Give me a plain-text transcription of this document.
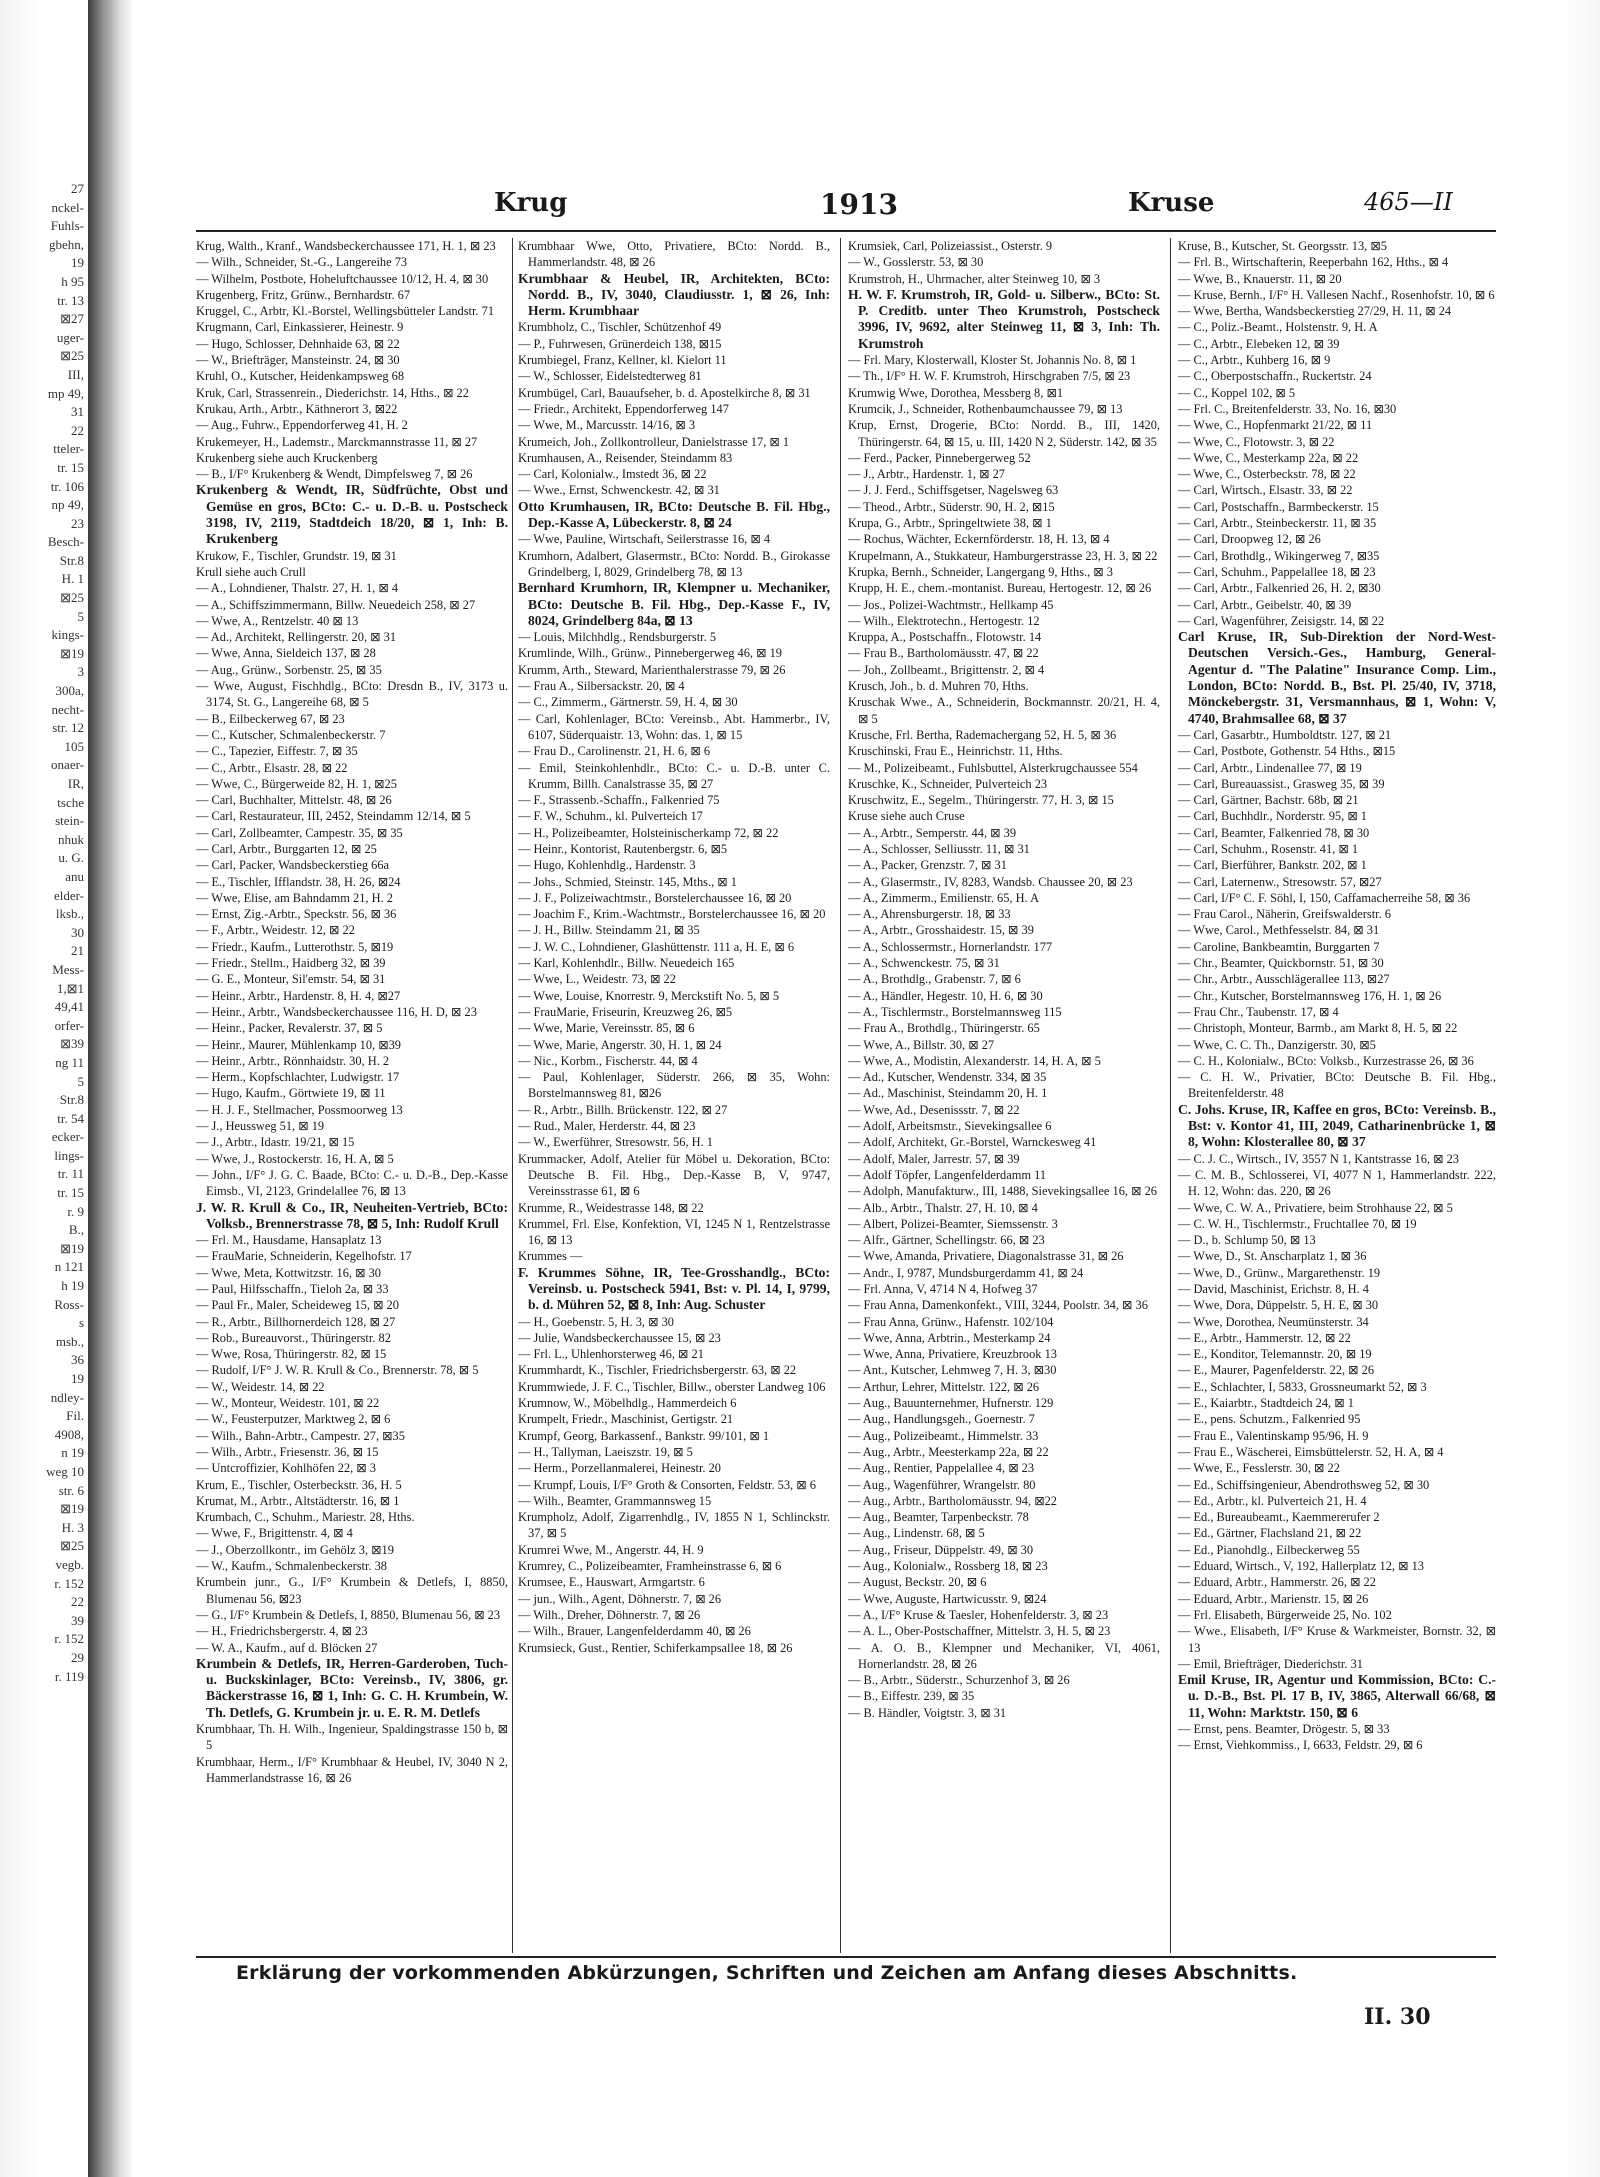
27
nckel-
Fuhls-
gbehn,
19
h 95
tr. 13
⊠27
uger-
⊠25
III,
mp 49,
31
22
tteler-
tr. 15
tr. 106
np 49,
23
Besch-
Str.8
H. 1
⊠25
5
kings-
⊠19
3
300a,
necht-
str. 12
105
onaer-
IR,
tsche
stein-
nhuk
u. G.
anu
elder-
lksb.,
30
21
Mess-
1,⊠1
49,41
orfer-
⊠39
ng 11
5
Str.8
tr. 54
ecker-
lings-
tr. 11
tr. 15
r. 9
B.,
⊠19
n 121
h 19
Ross-
s
msb.,
36
19
ndley-
Fil.
4908,
n 19
weg 10
str. 6
⊠19
H. 3
⊠25
vegb.
r. 152
22
39
r. 152
29
r. 119
Krug	1913	Kruse	465—II

Krug, Walth., Kranf., Wandsbeckerchaussee 171, H. 1, ⊠ 23

— Wilh., Schneider, St.-G., Langereihe 73

— Wilhelm, Postbote, Hoheluftchaussee 10/12, H. 4, ⊠ 30

Krugenberg, Fritz, Grünw., Bernhardstr. 67

Kruggel, C., Arbtr, Kl.-Borstel, Wellingsbütteler Landstr. 71

Krugmann, Carl, Einkassierer, Heinestr. 9

— Hugo, Schlosser, Dehnhaide 63, ⊠ 22

— W., Briefträger, Mansteinstr. 24, ⊠ 30

Kruhl, O., Kutscher, Heidenkampsweg 68

Kruk, Carl, Strassenrein., Diederichstr. 14, Hths., ⊠ 22

Krukau, Arth., Arbtr., Käthnerort 3, ⊠22

— Aug., Fuhrw., Eppendorferweg 41, H. 2

Krukemeyer, H., Lademstr., Marckmannstrasse 11, ⊠ 27

Krukenberg siehe auch Kruckenberg

— B., I/F° Krukenberg & Wendt, Dimpfelsweg 7, ⊠ 26

Krukenberg & Wendt, IR, Südfrüchte, Obst und Gemüse en gros, BCto: C.- u. D.-B. u. Postscheck 3198, IV, 2119, Stadtdeich 18/20, ⊠ 1, Inh: B. Krukenberg

Krukow, F., Tischler, Grundstr. 19, ⊠ 31

Krull siehe auch Crull

— A., Lohndiener, Thalstr. 27, H. 1, ⊠ 4

— A., Schiffszimmermann, Billw. Neuedeich 258, ⊠ 27

— Wwe, A., Rentzelstr. 40 ⊠ 13

— Ad., Architekt, Rellingerstr. 20, ⊠ 31

— Wwe, Anna, Sieldeich 137, ⊠ 28

— Aug., Grünw., Sorbenstr. 25, ⊠ 35

— Wwe, August, Fischhdlg., BCto: Dresdn B., IV, 3173 u. 3174, St. G., Langereihe 68, ⊠ 5

— B., Eilbeckerweg 67, ⊠ 23

— C., Kutscher, Schmalenbeckerstr. 7

— C., Tapezier, Eiffestr. 7, ⊠ 35

— C., Arbtr., Elsastr. 28, ⊠ 22

— Wwe, C., Bürgerweide 82, H. 1, ⊠25

— Carl, Buchhalter, Mittelstr. 48, ⊠ 26

— Carl, Restaurateur, III, 2452, Steindamm 12/14, ⊠ 5

— Carl, Zollbeamter, Campestr. 35, ⊠ 35

— Carl, Arbtr., Burggarten 12, ⊠ 25

— Carl, Packer, Wandsbeckerstieg 66a

— E., Tischler, Ifflandstr. 38, H. 26, ⊠24

— Wwe, Elise, am Bahndamm 21, H. 2

— Ernst, Zig.-Arbtr., Speckstr. 56, ⊠ 36

— F., Arbtr., Weidestr. 12, ⊠ 22

— Friedr., Kaufm., Lutterothstr. 5, ⊠19

— Friedr., Stellm., Haidberg 32, ⊠ 39

— G. E., Monteur, Sil'emstr. 54, ⊠ 31

— Heinr., Arbtr., Hardenstr. 8, H. 4, ⊠27

— Heinr., Arbtr., Wandsbeckerchaussee 116, H. D, ⊠ 23

— Heinr., Packer, Revalerstr. 37, ⊠ 5

— Heinr., Maurer, Mühlenkamp 10, ⊠39

— Heinr., Arbtr., Rönnhaidstr. 30, H. 2

— Herm., Kopfschlachter, Ludwigstr. 17

— Hugo, Kaufm., Görtwiete 19, ⊠ 11

— H. J. F., Stellmacher, Possmoorweg 13

— J., Heussweg 51, ⊠ 19

— J., Arbtr., Idastr. 19/21, ⊠ 15

— Wwe, J., Rostockerstr. 16, H. A, ⊠ 5

— John., I/F° J. G. C. Baade, BCto: C.- u. D.-B., Dep.-Kasse Eimsb., VI, 2123, Grindelallee 76, ⊠ 13

J. W. R. Krull & Co., IR, Neuheiten-Vertrieb, BCto: Volksb., Brennerstrasse 78, ⊠ 5, Inh: Rudolf Krull

— Frl. M., Hausdame, Hansaplatz 13

— FrauMarie, Schneiderin, Kegelhofstr. 17

— Wwe, Meta, Kottwitzstr. 16, ⊠ 30

— Paul, Hilfsschaffn., Tieloh 2a, ⊠ 33

— Paul Fr., Maler, Scheideweg 15, ⊠ 20

— R., Arbtr., Billhornerdeich 128, ⊠ 27

— Rob., Bureauvorst., Thüringerstr. 82

— Wwe, Rosa, Thüringerstr. 82, ⊠ 15

— Rudolf, I/F° J. W. R. Krull & Co., Brennerstr. 78, ⊠ 5

— W., Weidestr. 14, ⊠ 22

— W., Monteur, Weidestr. 101, ⊠ 22

— W., Feusterputzer, Marktweg 2, ⊠ 6

— Wilh., Bahn-Arbtr., Campestr. 27, ⊠35

— Wilh., Arbtr., Friesenstr. 36, ⊠ 15

— Untcroffizier, Kohlhöfen 22, ⊠ 3

Krum, E., Tischler, Osterbeckstr. 36, H. 5

Krumat, M., Arbtr., Altstädterstr. 16, ⊠ 1

Krumbach, C., Schuhm., Mariestr. 28, Hths.

— Wwe, F., Brigittenstr. 4, ⊠ 4

— J., Oberzollkontr., im Gehölz 3, ⊠19

— W., Kaufm., Schmalenbeckerstr. 38

Krumbein junr., G., I/F° Krumbein & Detlefs, I, 8850, Blumenau 56, ⊠23

— G., I/F° Krumbein & Detlefs, I, 8850, Blumenau 56, ⊠ 23

— H., Friedrichsbergerstr. 4, ⊠ 23

— W. A., Kaufm., auf d. Blöcken 27

Krumbein & Detlefs, IR, Herren-Garderoben, Tuch- u. Buckskinlager, BCto: Vereinsb., IV, 3806, gr. Bäckerstrasse 16, ⊠ 1, Inh: G. C. H. Krumbein, W. Th. Detlefs, G. Krumbein jr. u. E. R. M. Detlefs

Krumbhaar, Th. H. Wilh., Ingenieur, Spaldingstrasse 150 b, ⊠ 5

Krumbhaar, Herm., I/F° Krumbhaar & Heubel, IV, 3040 N 2, Hammerlandstrasse 16, ⊠ 26

Krumbhaar Wwe, Otto, Privatiere, BCto: Nordd. B., Hammerlandstr. 48, ⊠ 26

Krumbhaar & Heubel, IR, Architekten, BCto: Nordd. B., IV, 3040, Claudiusstr. 1, ⊠ 26, Inh: Herm. Krumbhaar

Krumbholz, C., Tischler, Schützenhof 49

— P., Fuhrwesen, Grünerdeich 138, ⊠15

Krumbiegel, Franz, Kellner, kl. Kielort 11

— W., Schlosser, Eidelstedterweg 81

Krumbügel, Carl, Bauaufseher, b. d. Apostelkirche 8, ⊠ 31

— Friedr., Architekt, Eppendorferweg 147

— Wwe, M., Marcusstr. 14/16, ⊠ 3

Krumeich, Joh., Zollkontrolleur, Danielstrasse 17, ⊠ 1

Krumhausen, A., Reisender, Steindamm 83

— Carl, Kolonialw., Imstedt 36, ⊠ 22

— Wwe., Ernst, Schwenckestr. 42, ⊠ 31

Otto Krumhausen, IR, BCto: Deutsche B. Fil. Hbg., Dep.-Kasse A, Lübeckerstr. 8, ⊠ 24

— Wwe, Pauline, Wirtschaft, Seilerstrasse 16, ⊠ 4

Krumhorn, Adalbert, Glasermstr., BCto: Nordd. B., Girokasse Grindelberg, I, 8029, Grindelberg 78, ⊠ 13

Bernhard Krumhorn, IR, Klempner u. Mechaniker, BCto: Deutsche B. Fil. Hbg., Dep.-Kasse F., IV, 8024, Grindelberg 84a, ⊠ 13

— Louis, Milchhdlg., Rendsburgerstr. 5

Krumlinde, Wilh., Grünw., Pinnebergerweg 46, ⊠ 19

Krumm, Arth., Steward, Marienthalerstrasse 79, ⊠ 26

— Frau A., Silbersackstr. 20, ⊠ 4

— C., Zimmerm., Gärtnerstr. 59, H. 4, ⊠ 30

— Carl, Kohlenlager, BCto: Vereinsb., Abt. Hammerbr., IV, 6107, Süderquaistr. 13, Wohn: das. 1, ⊠ 15

— Frau D., Carolinenstr. 21, H. 6, ⊠ 6

— Emil, Steinkohlenhdlr., BCto: C.- u. D.-B. unter C. Krumm, Billh. Canalstrasse 35, ⊠ 27

— F., Strassenb.-Schaffn., Falkenried 75

— F. W., Schuhm., kl. Pulverteich 17

— H., Polizeibeamter, Holsteinischerkamp 72, ⊠ 22

— Heinr., Kontorist, Rautenbergstr. 6, ⊠5

— Hugo, Kohlenhdlg., Hardenstr. 3

— Johs., Schmied, Steinstr. 145, Mths., ⊠ 1

— J. F., Polizeiwachtmstr., Borstelerchaussee 16, ⊠ 20

— Joachim F., Krim.-Wachtmstr., Borstelerchaussee 16, ⊠ 20

— J. H., Billw. Steindamm 21, ⊠ 35

— J. W. C., Lohndiener, Glashüttenstr. 111 a, H. E, ⊠ 6

— Karl, Kohlenhdlr., Billw. Neuedeich 165

— Wwe, L., Weidestr. 73, ⊠ 22

— Wwe, Louise, Knorrestr. 9, Merckstift No. 5, ⊠ 5

— FrauMarie, Friseurin, Kreuzweg 26, ⊠5

— Wwe, Marie, Vereinsstr. 85, ⊠ 6

— Wwe, Marie, Angerstr. 30, H. 1, ⊠ 24

— Nic., Korbm., Fischerstr. 44, ⊠ 4

— Paul, Kohlenlager, Süderstr. 266, ⊠ 35, Wohn: Borstelmannsweg 81, ⊠26

— R., Arbtr., Billh. Brückenstr. 122, ⊠ 27

— Rud., Maler, Herderstr. 44, ⊠ 23

— W., Ewerführer, Stresowstr. 56, H. 1

Krummacker, Adolf, Atelier für Möbel u. Dekoration, BCto: Deutsche B. Fil. Hbg., Dep.-Kasse B, V, 9747, Vereinsstrasse 61, ⊠ 6

Krumme, R., Weidestrasse 148, ⊠ 22

Krummel, Frl. Else, Konfektion, VI, 1245 N 1, Rentzelstrasse 16, ⊠ 13

Krummes —

F. Krummes Söhne, IR, Tee-Grosshandlg., BCto: Vereinsb. u. Postscheck 5941, Bst: v. Pl. 14, I, 9799, b. d. Mühren 52, ⊠ 8, Inh: Aug. Schuster

— H., Goebenstr. 5, H. 3, ⊠ 30

— Julie, Wandsbeckerchaussee 15, ⊠ 23

— Frl. L., Uhlenhorsterweg 46, ⊠ 21

Krummhardt, K., Tischler, Friedrichsbergerstr. 63, ⊠ 22

Krummwiede, J. F. C., Tischler, Billw., oberster Landweg 106

Krumnow, W., Möbelhdlg., Hammerdeich 6

Krumpelt, Friedr., Maschinist, Gertigstr. 21

Krumpf, Georg, Barkassenf., Bankstr. 99/101, ⊠ 1

— H., Tallyman, Laeiszstr. 19, ⊠ 5

— Herm., Porzellanmalerei, Heinestr. 20

— Krumpf, Louis, I/F° Groth & Consorten, Feldstr. 53, ⊠ 6

— Wilh., Beamter, Grammannsweg 15

Krumpholz, Adolf, Zigarrenhdlg., IV, 1855 N 1, Schlinckstr. 37, ⊠ 5

Krumrei Wwe, M., Angerstr. 44, H. 9

Krumrey, C., Polizeibeamter, Framheinstrasse 6, ⊠ 6

Krumsee, E., Hauswart, Armgartstr. 6

— jun., Wilh., Agent, Döhnerstr. 7, ⊠ 26

— Wilh., Dreher, Döhnerstr. 7, ⊠ 26

— Wilh., Brauer, Langenfelderdamm 40, ⊠ 26

Krumsieck, Gust., Rentier, Schiferkampsallee 18, ⊠ 26

Krumsiek, Carl, Polizeiassist., Osterstr. 9

— W., Gosslerstr. 53, ⊠ 30

Krumstroh, H., Uhrmacher, alter Steinweg 10, ⊠ 3

H. W. F. Krumstroh, IR, Gold- u. Silberw., BCto: St. P. Creditb. unter Theo Krumstroh, Postscheck 3996, IV, 9692, alter Steinweg 11, ⊠ 3, Inh: Th. Krumstroh

— Frl. Mary, Klosterwall, Kloster St. Johannis No. 8, ⊠ 1

— Th., I/F° H. W. F. Krumstroh, Hirschgraben 7/5, ⊠ 23

Krumwig Wwe, Dorothea, Messberg 8, ⊠1

Krumcik, J., Schneider, Rothenbaumchaussee 79, ⊠ 13

Krup, Ernst, Drogerie, BCto: Nordd. B., III, 1420, Thüringerstr. 64, ⊠ 15, u. III, 1420 N 2, Süderstr. 142, ⊠ 35

— Ferd., Packer, Pinnebergerweg 52

— J., Arbtr., Hardenstr. 1, ⊠ 27

— J. J. Ferd., Schiffsgetser, Nagelsweg 63

— Theod., Arbtr., Süderstr. 90, H. 2, ⊠15

Krupa, G., Arbtr., Springeltwiete 38, ⊠ 1

— Rochus, Wächter, Eckernförderstr. 18, H. 13, ⊠ 4

Krupelmann, A., Stukkateur, Hamburgerstrasse 23, H. 3, ⊠ 22

Krupka, Bernh., Schneider, Langergang 9, Hths., ⊠ 3

Krupp, H. E., chem.-montanist. Bureau, Hertogestr. 12, ⊠ 26

— Jos., Polizei-Wachtmstr., Hellkamp 45

— Wilh., Elektrotechn., Hertogestr. 12

Kruppa, A., Postschaffn., Flotowstr. 14

— Frau B., Bartholomäusstr. 47, ⊠ 22

— Joh., Zollbeamt., Brigittenstr. 2, ⊠ 4

Krusch, Joh., b. d. Muhren 70, Hths.

Kruschak Wwe., A., Schneiderin, Bockmannstr. 20/21, H. 4, ⊠ 5

Krusche, Frl. Bertha, Rademachergang 52, H. 5, ⊠ 36

Kruschinski, Frau E., Heinrichstr. 11, Hths.

— M., Polizeibeamt., Fuhlsbuttel, Alsterkrugchaussee 554

Kruschke, K., Schneider, Pulverteich 23

Kruschwitz, E., Segelm., Thüringerstr. 77, H. 3, ⊠ 15

Kruse siehe auch Cruse

— A., Arbtr., Semperstr. 44, ⊠ 39

— A., Schlosser, Selliusstr. 11, ⊠ 31

— A., Packer, Grenzstr. 7, ⊠ 31

— A., Glasermstr., IV, 8283, Wandsb. Chaussee 20, ⊠ 23

— A., Zimmerm., Emilienstr. 65, H. A

— A., Ahrensburgerstr. 18, ⊠ 33

— A., Arbtr., Grosshaidestr. 15, ⊠ 39

— A., Schlossermstr., Hornerlandstr. 177

— A., Schwenckestr. 75, ⊠ 31

— A., Brothdlg., Grabenstr. 7, ⊠ 6

— A., Händler, Hegestr. 10, H. 6, ⊠ 30

— A., Tischlermstr., Borstelmannsweg 115

— Frau A., Brothdlg., Thüringerstr. 65

— Wwe, A., Billstr. 30, ⊠ 27

— Wwe, A., Modistin, Alexanderstr. 14, H. A, ⊠ 5

— Ad., Kutscher, Wendenstr. 334, ⊠ 35

— Ad., Maschinist, Steindamm 20, H. 1

— Wwe, Ad., Desenissstr. 7, ⊠ 22

— Adolf, Arbeitsmstr., Sievekingsallee 6

— Adolf, Architekt, Gr.-Borstel, Warnckesweg 41

— Adolf, Maler, Jarrestr. 57, ⊠ 39

— Adolf Töpfer, Langenfelderdamm 11

— Adolph, Manufakturw., III, 1488, Sievekingsallee 16, ⊠ 26

— Alb., Arbtr., Thalstr. 27, H. 10, ⊠ 4

— Albert, Polizei-Beamter, Siemssenstr. 3

— Alfr., Gärtner, Schellingstr. 66, ⊠ 23

— Wwe, Amanda, Privatiere, Diagonalstrasse 31, ⊠ 26

— Andr., I, 9787, Mundsburgerdamm 41, ⊠ 24

— Frl. Anna, V, 4714 N 4, Hofweg 37

— Frau Anna, Damenkonfekt., VIII, 3244, Poolstr. 34, ⊠ 36

— Frau Anna, Grünw., Hafenstr. 102/104

— Wwe, Anna, Arbtrin., Mesterkamp 24

— Wwe, Anna, Privatiere, Kreuzbrook 13

— Ant., Kutscher, Lehmweg 7, H. 3, ⊠30

— Arthur, Lehrer, Mittelstr. 122, ⊠ 26

— Aug., Bauunternehmer, Hufnerstr. 129

— Aug., Handlungsgeh., Goernestr. 7

— Aug., Polizeibeamt., Himmelstr. 33

— Aug., Arbtr., Meesterkamp 22a, ⊠ 22

— Aug., Rentier, Pappelallee 4, ⊠ 23

— Aug., Wagenführer, Wrangelstr. 80

— Aug., Arbtr., Bartholomäusstr. 94, ⊠22

— Aug., Beamter, Tarpenbeckstr. 78

— Aug., Lindenstr. 68, ⊠ 5

— Aug., Friseur, Düppelstr. 49, ⊠ 30

— Aug., Kolonialw., Rossberg 18, ⊠ 23

— August, Beckstr. 20, ⊠ 6

— Wwe, Auguste, Hartwicusstr. 9, ⊠24

— A., I/F° Kruse & Taesler, Hohenfelderstr. 3, ⊠ 23

— A. L., Ober-Postschaffner, Mittelstr. 3, H. 5, ⊠ 23

— A. O. B., Klempner und Mechaniker, VI, 4061, Hornerlandstr. 28, ⊠ 26

— B., Arbtr., Süderstr., Schurzenhof 3, ⊠ 26

— B., Eiffestr. 239, ⊠ 35

— B. Händler, Voigtstr. 3, ⊠ 31

Kruse, B., Kutscher, St. Georgsstr. 13, ⊠5

— Frl. B., Wirtschafterin, Reeperbahn 162, Hths., ⊠ 4

— Wwe, B., Knauerstr. 11, ⊠ 20

— Kruse, Bernh., I/F° H. Vallesen Nachf., Rosenhofstr. 10, ⊠ 6

— Wwe, Bertha, Wandsbeckerstieg 27/29, H. 11, ⊠ 24

— C., Poliz.-Beamt., Holstenstr. 9, H. A

— C., Arbtr., Elebeken 12, ⊠ 39

— C., Arbtr., Kuhberg 16, ⊠ 9

— C., Oberpostschaffn., Ruckertstr. 24

— C., Koppel 102, ⊠ 5

— Frl. C., Breitenfelderstr. 33, No. 16, ⊠30

— Wwe, C., Hopfenmarkt 21/22, ⊠ 11

— Wwe, C., Flotowstr. 3, ⊠ 22

— Wwe, C., Mesterkamp 22a, ⊠ 22

— Wwe, C., Osterbeckstr. 78, ⊠ 22

— Carl, Wirtsch., Elsastr. 33, ⊠ 22

— Carl, Postschaffn., Barmbeckerstr. 15

— Carl, Arbtr., Steinbeckerstr. 11, ⊠ 35

— Carl, Droopweg 12, ⊠ 26

— Carl, Brothdlg., Wikingerweg 7, ⊠35

— Carl, Schuhm., Pappelallee 18, ⊠ 23

— Carl, Arbtr., Falkenried 26, H. 2, ⊠30

— Carl, Arbtr., Geibelstr. 40, ⊠ 39

— Carl, Wagenführer, Zeisigstr. 14, ⊠ 22

Carl Kruse, IR, Sub-Direktion der Nord-West-Deutschen Versich.-Ges., Hamburg, General-Agentur d. "The Palatine" Insurance Comp. Lim., London, BCto: Nordd. B., Bst. Pl. 25/40, IV, 3718, Mönckebergstr. 31, Versmannhaus, ⊠ 1, Wohn: V, 4740, Brahmsallee 68, ⊠ 37

— Carl, Gasarbtr., Humboldtstr. 127, ⊠ 21

— Carl, Postbote, Gothenstr. 54 Hths., ⊠15

— Carl, Arbtr., Lindenallee 77, ⊠ 19

— Carl, Bureauassist., Grasweg 35, ⊠ 39

— Carl, Gärtner, Bachstr. 68b, ⊠ 21

— Carl, Buchhdlr., Norderstr. 95, ⊠ 1

— Carl, Beamter, Falkenried 78, ⊠ 30

— Carl, Schuhm., Rosenstr. 41, ⊠ 1

— Carl, Bierführer, Bankstr. 202, ⊠ 1

— Carl, Laternenw., Stresowstr. 57, ⊠27

— Carl, I/F° C. F. Söhl, I, 150, Caffamacherreihe 58, ⊠ 36

— Frau Carol., Näherin, Greifswalderstr. 6

— Wwe, Carol., Methfesselstr. 84, ⊠ 31

— Caroline, Bankbeamtin, Burggarten 7

— Chr., Beamter, Quickbornstr. 51, ⊠ 30

— Chr., Arbtr., Ausschlägerallee 113, ⊠27

— Chr., Kutscher, Borstelmannsweg 176, H. 1, ⊠ 26

— Frau Chr., Taubenstr. 17, ⊠ 4

— Christoph, Monteur, Barmb., am Markt 8, H. 5, ⊠ 22

— Wwe, C. C. Th., Danzigerstr. 30, ⊠5

— C. H., Kolonialw., BCto: Volksb., Kurzestrasse 26, ⊠ 36

— C. H. W., Privatier, BCto: Deutsche B. Fil. Hbg., Breitenfelderstr. 48

C. Johs. Kruse, IR, Kaffee en gros, BCto: Vereinsb. B., Bst: v. Kontor 41, III, 2049, Catharinenbrücke 1, ⊠ 8, Wohn: Klosterallee 80, ⊠ 37

— C. J. C., Wirtsch., IV, 3557 N 1, Kantstrasse 16, ⊠ 23

— C. M. B., Schlosserei, VI, 4077 N 1, Hammerlandstr. 222, H. 12, Wohn: das. 220, ⊠ 26

— Wwe, C. W. A., Privatiere, beim Strohhause 22, ⊠ 5

— C. W. H., Tischlermstr., Fruchtallee 70, ⊠ 19

— D., b. Schlump 50, ⊠ 13

— Wwe, D., St. Anscharplatz 1, ⊠ 36

— Wwe, D., Grünw., Margarethenstr. 19

— David, Maschinist, Erichstr. 8, H. 4

— Wwe, Dora, Düppelstr. 5, H. E, ⊠ 30

— Wwe, Dorothea, Neumünsterstr. 34

— E., Arbtr., Hammerstr. 12, ⊠ 22

— E., Konditor, Telemannstr. 20, ⊠ 19

— E., Maurer, Pagenfelderstr. 22, ⊠ 26

— E., Schlachter, I, 5833, Grossneumarkt 52, ⊠ 3

— E., Kaiarbtr., Stadtdeich 24, ⊠ 1

— E., pens. Schutzm., Falkenried 95

— Frau E., Valentinskamp 95/96, H. 9

— Frau E., Wäscherei, Eimsbüttelerstr. 52, H. A, ⊠ 4

— Wwe, E., Fesslerstr. 30, ⊠ 22

— Ed., Schiffsingenieur, Abendrothsweg 52, ⊠ 30

— Ed., Arbtr., kl. Pulverteich 21, H. 4

— Ed., Bureaubeamt., Kaemmererufer 2

— Ed., Gärtner, Flachsland 21, ⊠ 22

— Ed., Pianohdlg., Eilbeckerweg 55

— Eduard, Wirtsch., V, 192, Hallerplatz 12, ⊠ 13

— Eduard, Arbtr., Hammerstr. 26, ⊠ 22

— Eduard, Arbtr., Marienstr. 15, ⊠ 26

— Frl. Elisabeth, Bürgerweide 25, No. 102

— Wwe., Elisabeth, I/F° Kruse & Warkmeister, Bornstr. 32, ⊠ 13

— Emil, Briefträger, Diederichstr. 31

Emil Kruse, IR, Agentur und Kommission, BCto: C.- u. D.-B., Bst. Pl. 17 B, IV, 3865, Alterwall 66/68, ⊠ 11, Wohn: Marktstr. 150, ⊠ 6

— Ernst, pens. Beamter, Drögestr. 5, ⊠ 33

— Ernst, Viehkommiss., I, 6633, Feldstr. 29, ⊠ 6

Erklärung der vorkommenden Abkürzungen, Schriften und Zeichen am Anfang dieses Abschnitts.
II. 30
